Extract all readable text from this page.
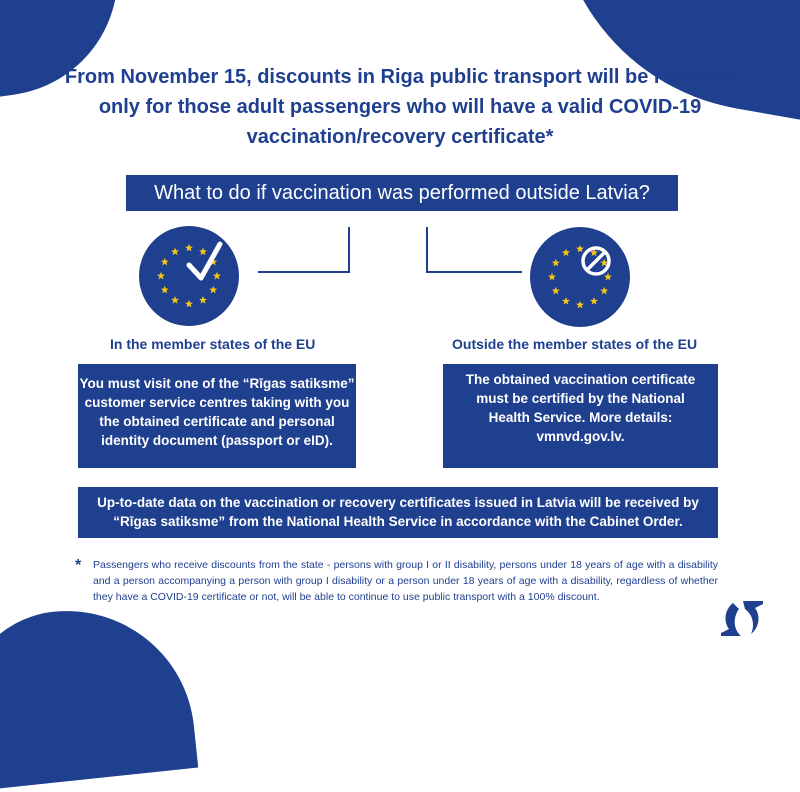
From November 15, discounts in Riga public transport will be renewed only for those adult passengers who will have a valid COVID-19 vaccination/recovery certificate*
What to do if vaccination was performed outside Latvia?
In the member states of the EU	Outside the member states of the EU
You must visit one of the “Rīgas satiksme”
customer service centres taking with you
the obtained certificate and personal
identity document (passport or eID).
The obtained vaccination certificate must be certified by the National Health Service. More details: vmnvd.gov.lv.
Up-to-date data on the vaccination or recovery certificates issued in Latvia will be received by “Rīgas satiksme” from the National Health Service in accordance with the Cabinet Order.
* Passengers who receive discounts from the state - persons with group I or II disability, persons under 18 years of age with a disability and a person accompanying a person with group I disability or a person under 18 years of age with a disability, regardless of whether they have a COVID-19 certificate or not, will be able to continue to use public transport with a 100% discount.
